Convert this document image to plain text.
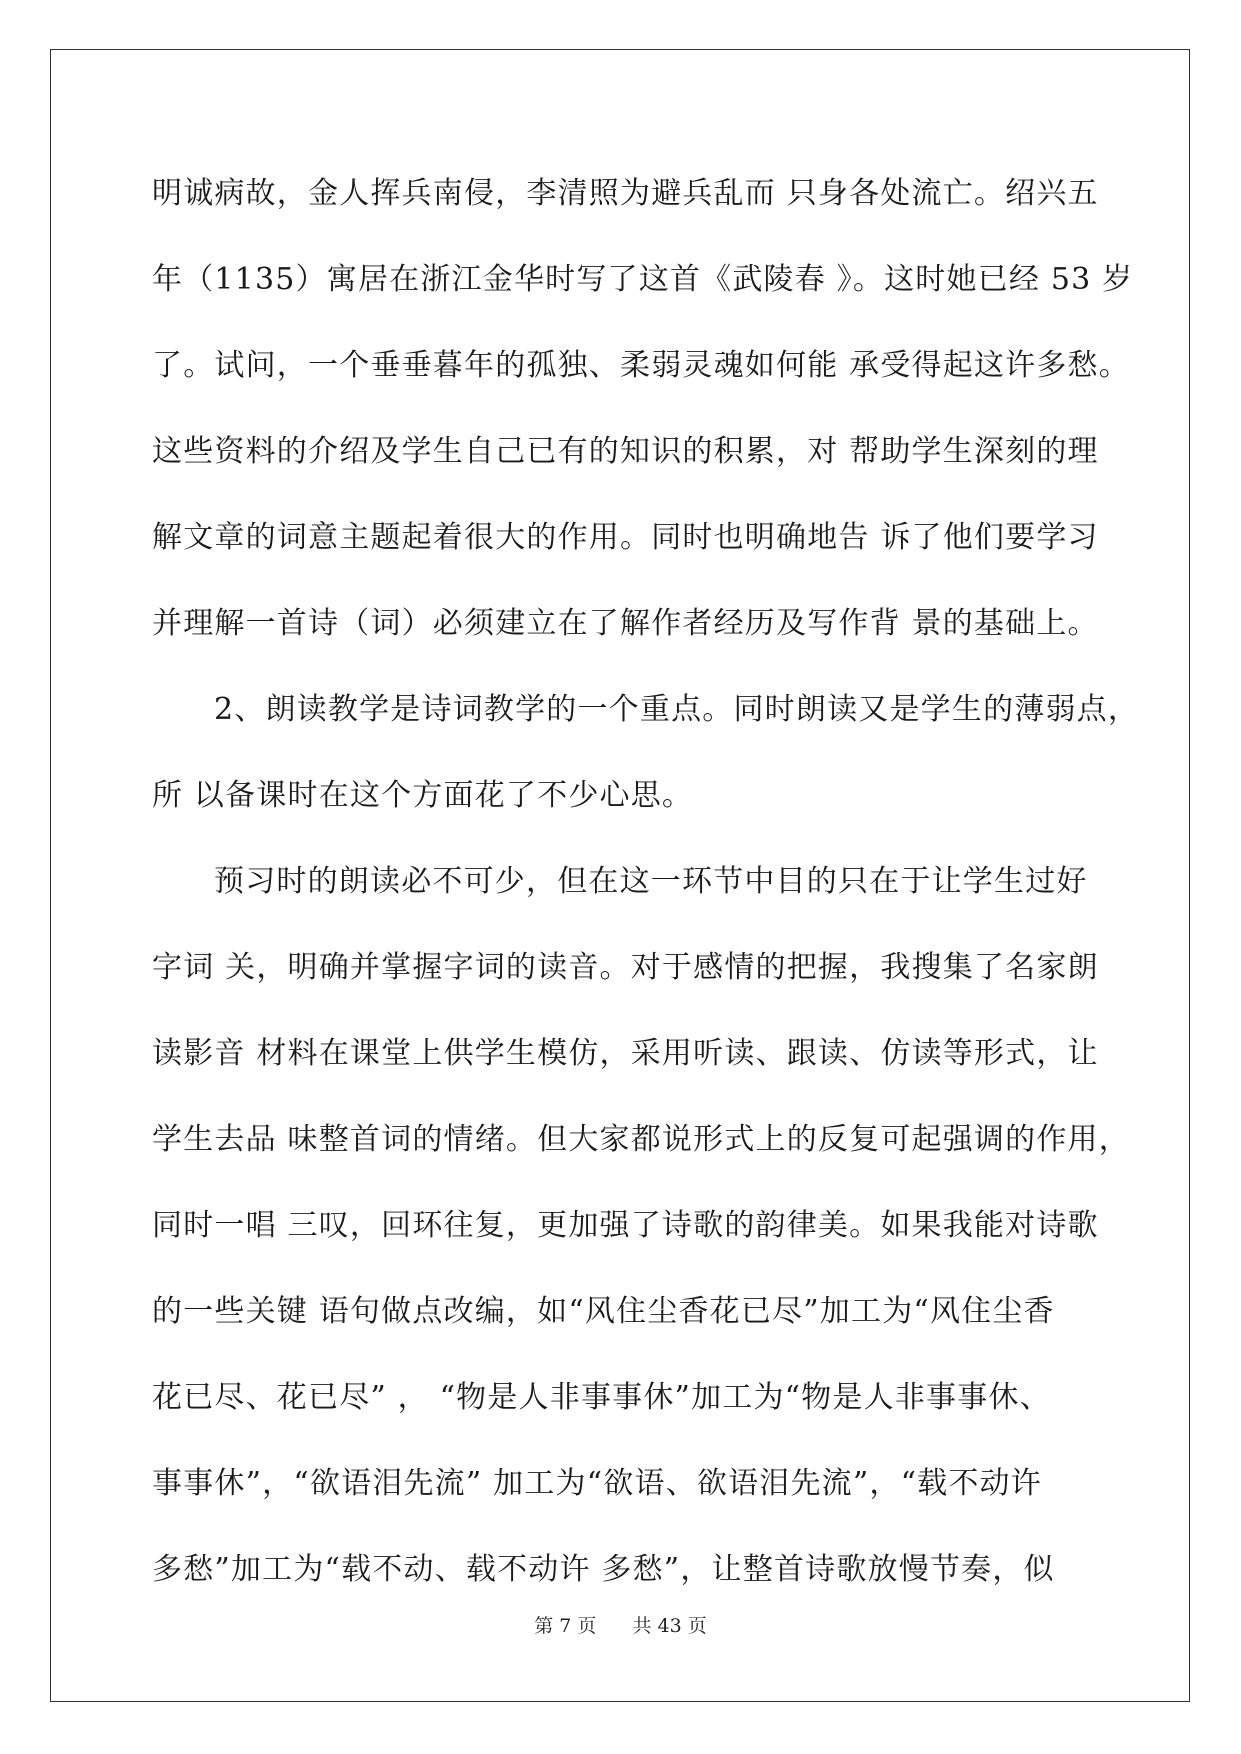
明诚病故，金人挥兵南侵，李清照为避兵乱而 只身各处流亡。绍兴五
年（1135）寓居在浙江金华时写了这首《武陵春 》。这时她已经 53 岁
了。试问，一个垂垂暮年的孤独、柔弱灵魂如何能 承受得起这许多愁。
这些资料的介绍及学生自己已有的知识的积累，对 帮助学生深刻的理
解文章的词意主题起着很大的作用。同时也明确地告 诉了他们要学习
并理解一首诗（词）必须建立在了解作者经历及写作背 景的基础上。
2、朗读教学是诗词教学的一个重点。同时朗读又是学生的薄弱点，
所 以备课时在这个方面花了不少心思。
预习时的朗读必不可少，但在这一环节中目的只在于让学生过好
字词 关，明确并掌握字词的读音。对于感情的把握，我搜集了名家朗
读影音 材料在课堂上供学生模仿，采用听读、跟读、仿读等形式，让
学生去品 味整首词的情绪。但大家都说形式上的反复可起强调的作用，
同时一唱 三叹，回环往复，更加强了诗歌的韵律美。如果我能对诗歌
的一些关键 语句做点改编，如“风住尘香花已尽”加工为“风住尘香
花已尽、花已尽” ， “物是人非事事休”加工为“物是人非事事休、
事事休”，“欲语泪先流” 加工为“欲语、欲语泪先流”，“载不动许
多愁”加工为“载不动、载不动许 多愁”，让整首诗歌放慢节奏，似
第 7 页 共 43 页
